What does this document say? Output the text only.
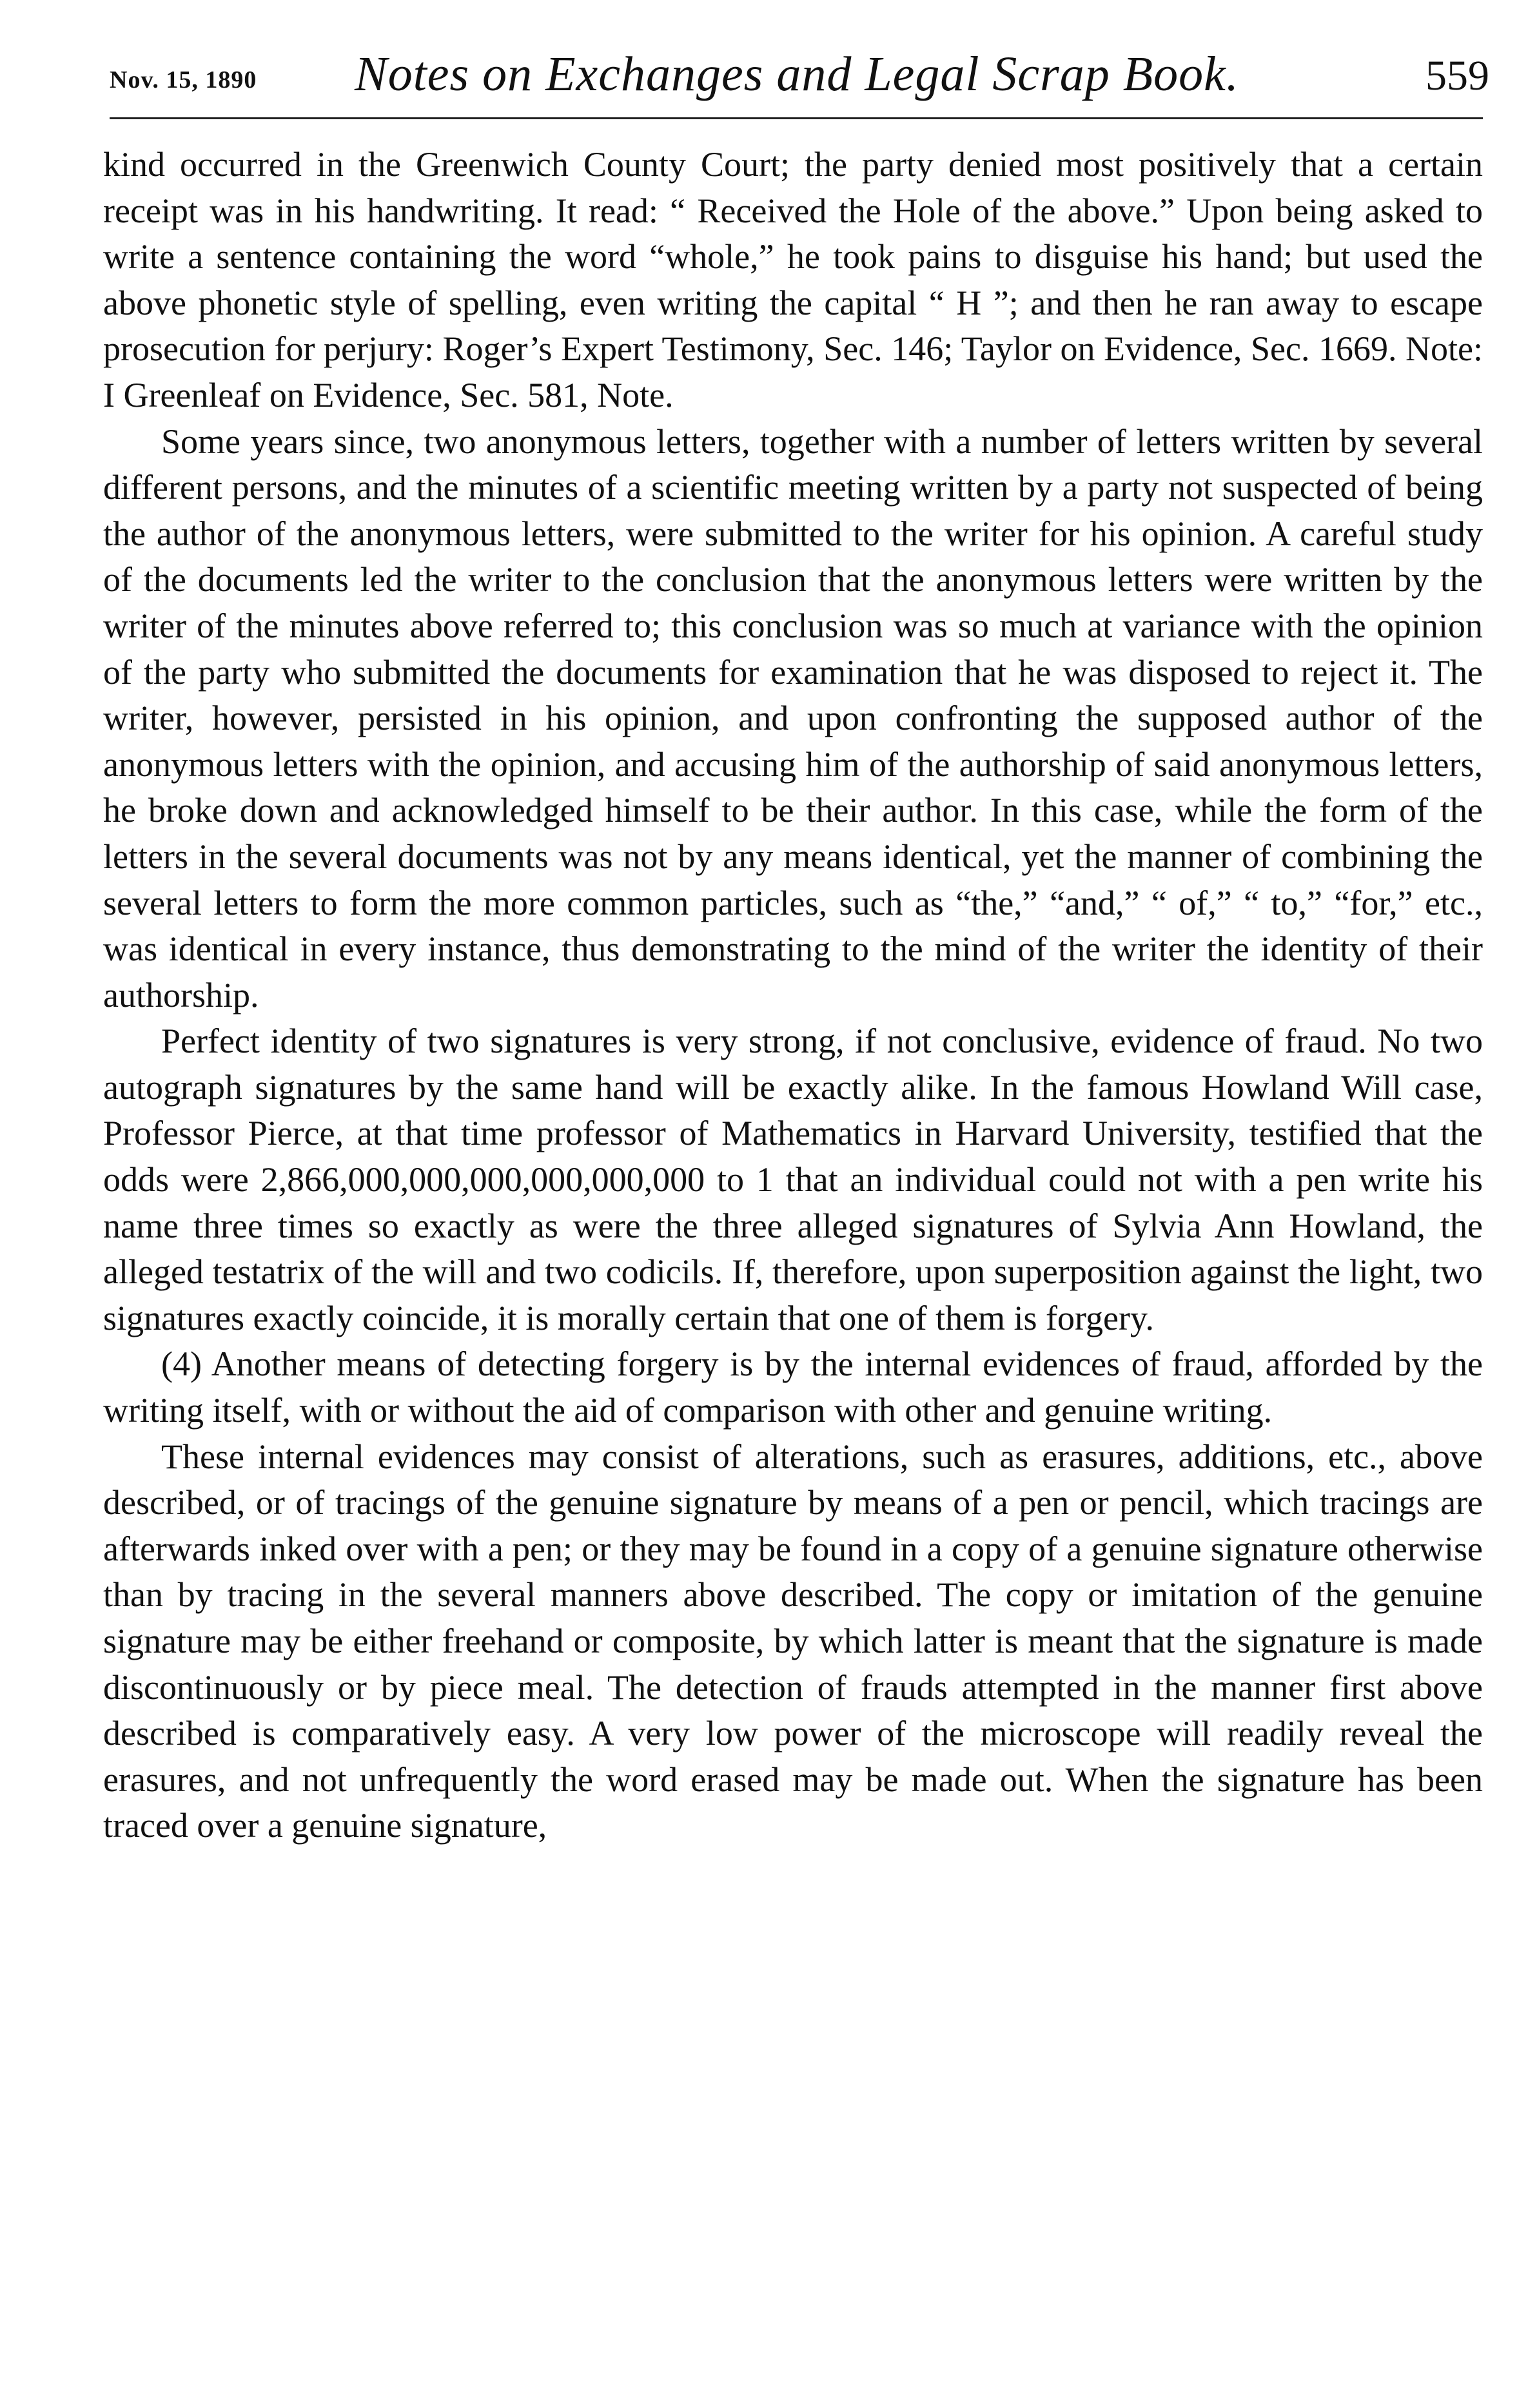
Nov. 15, 1890 Notes on Exchanges and Legal Scrap Book.	559

kind occurred in the Greenwich County Court; the party denied most positively that a certain receipt was in his handwriting. It read: “ Received the Hole of the above.” Upon being asked to write a sentence containing the word “whole,” he took pains to disguise his hand; but used the above phonetic style of spelling, even writing the capital “ H ”; and then he ran away to escape prosecution for perjury: Roger’s Expert Testimony, Sec. 146; Taylor on Evidence, Sec. 1669. Note: I Greenleaf on Evidence, Sec. 581, Note.

Some years since, two anonymous letters, together with a number of letters written by several different persons, and the minutes of a scientific meeting written by a party not suspected of being the author of the anonymous letters, were submitted to the writer for his opinion. A careful study of the documents led the writer to the conclusion that the anonymous letters were written by the writer of the minutes above referred to; this conclusion was so much at variance with the opinion of the party who submitted the documents for examination that he was disposed to reject it. The writer, however, persisted in his opinion, and upon confronting the supposed author of the anonymous letters with the opinion, and accusing him of the authorship of said anonymous letters, he broke down and acknowledged himself to be their author. In this case, while the form of the letters in the several documents was not by any means identical, yet the manner of combining the several letters to form the more common particles, such as “the,” “and,” “ of,” “ to,” “for,” etc., was identical in every instance, thus demonstrating to the mind of the writer the identity of their authorship.

Perfect identity of two signatures is very strong, if not conclusive, evidence of fraud. No two autograph signatures by the same hand will be exactly alike. In the famous Howland Will case, Professor Pierce, at that time professor of Mathematics in Harvard University, testified that the odds were 2,866,000,000,000,000,000,000 to 1 that an individual could not with a pen write his name three times so exactly as were the three alleged signatures of Sylvia Ann Howland, the alleged testatrix of the will and two codicils. If, therefore, upon superposition against the light, two signatures exactly coincide, it is morally certain that one of them is forgery.

(4) Another means of detecting forgery is by the internal evidences of fraud, afforded by the writing itself, with or without the aid of comparison with other and genuine writing.

These internal evidences may consist of alterations, such as erasures, additions, etc., above described, or of tracings of the genuine signature by means of a pen or pencil, which tracings are afterwards inked over with a pen; or they may be found in a copy of a genuine signature otherwise than by tracing in the several manners above described. The copy or imitation of the genuine signature may be either freehand or composite, by which latter is meant that the signature is made discontinuously or by piece meal. The detection of frauds attempted in the manner first above described is comparatively easy. A very low power of the microscope will readily reveal the erasures, and not unfrequently the word erased may be made out. When the signature has been traced over a genuine signature,
